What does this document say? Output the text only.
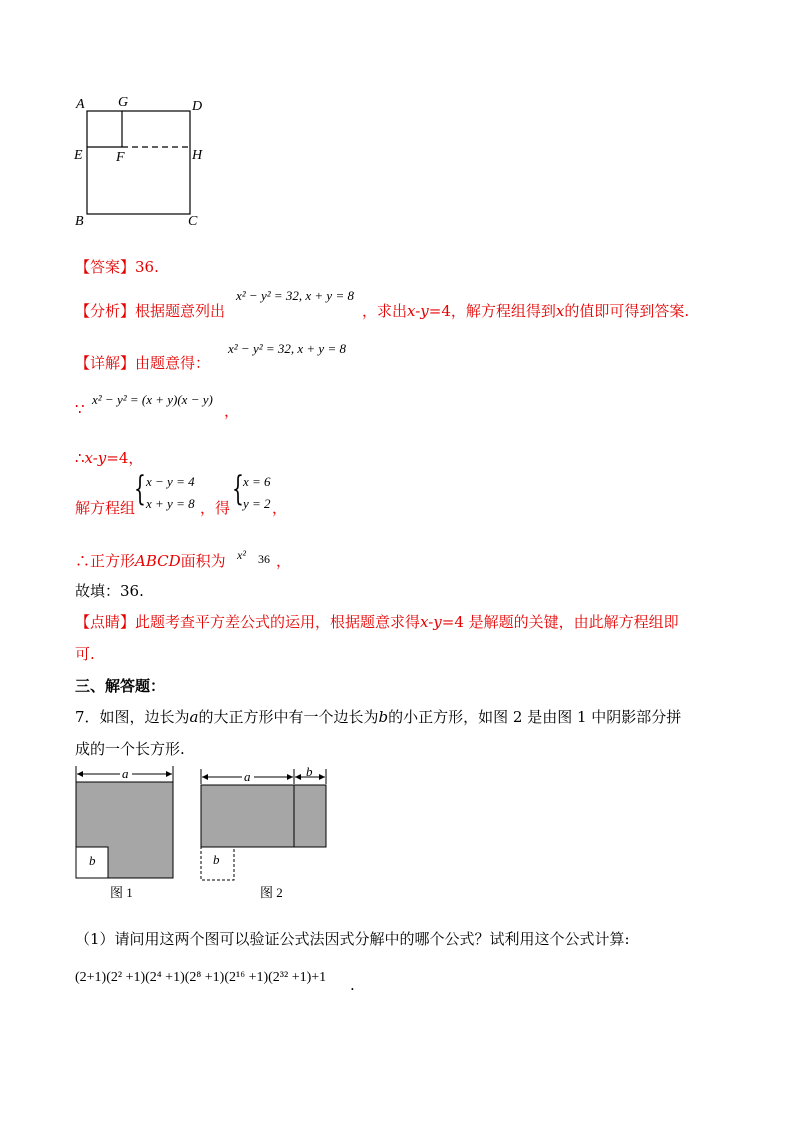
A G	D
E F	H
B	C
【答案】36.
【分析】根据题意列出
x² − y² = 32, x + y = 8
，求出x-y=4，解方程组得到x的值即可得到答案.
【详解】由题意得：
x² − y² = 32, x + y = 8
∵
x² − y² = (x + y)(x − y)
，
∴x-y=4，
解方程组
{ x − y = 4
x + y = 8 ，得 { x = 6
y = 2 ，
∴正方形ABCD面积为 x² 36 ，
故填：36.
【点睛】此题考查平方差公式的运用，根据题意求得x-y=4 是解题的关键，由此解方程组即
可.
三、解答题：
7．如图，边长为a的大正方形中有一个边长为b的小正方形，如图 2 是由图 1 中阴影部分拼
成的一个长方形.
a
b
图 1
a	b
b
图 2
（1）请问用这两个图可以验证公式法因式分解中的哪个公式？试利用这个公式计算:
(2+1)(2² +1)(2⁴ +1)(2⁸ +1)(2¹⁶ +1)(2³² +1)+1 .
